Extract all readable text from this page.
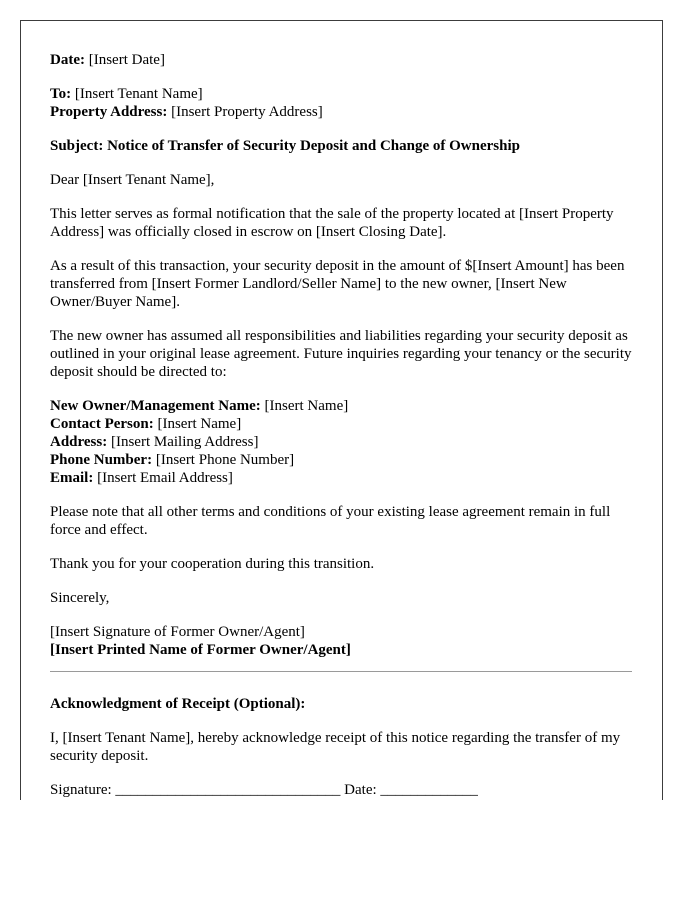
Date: [Insert Date]
To: [Insert Tenant Name]
Property Address: [Insert Property Address]
Subject: Notice of Transfer of Security Deposit and Change of Ownership
Dear [Insert Tenant Name],
This letter serves as formal notification that the sale of the property located at [Insert Property Address] was officially closed in escrow on [Insert Closing Date].
As a result of this transaction, your security deposit in the amount of $[Insert Amount] has been transferred from [Insert Former Landlord/Seller Name] to the new owner, [Insert New Owner/Buyer Name].
The new owner has assumed all responsibilities and liabilities regarding your security deposit as outlined in your original lease agreement. Future inquiries regarding your tenancy or the security deposit should be directed to:
New Owner/Management Name: [Insert Name]
Contact Person: [Insert Name]
Address: [Insert Mailing Address]
Phone Number: [Insert Phone Number]
Email: [Insert Email Address]
Please note that all other terms and conditions of your existing lease agreement remain in full force and effect.
Thank you for your cooperation during this transition.
Sincerely,
[Insert Signature of Former Owner/Agent]
[Insert Printed Name of Former Owner/Agent]
Acknowledgment of Receipt (Optional):
I, [Insert Tenant Name], hereby acknowledge receipt of this notice regarding the transfer of my security deposit.
Signature: ______________________________ Date: _____________
